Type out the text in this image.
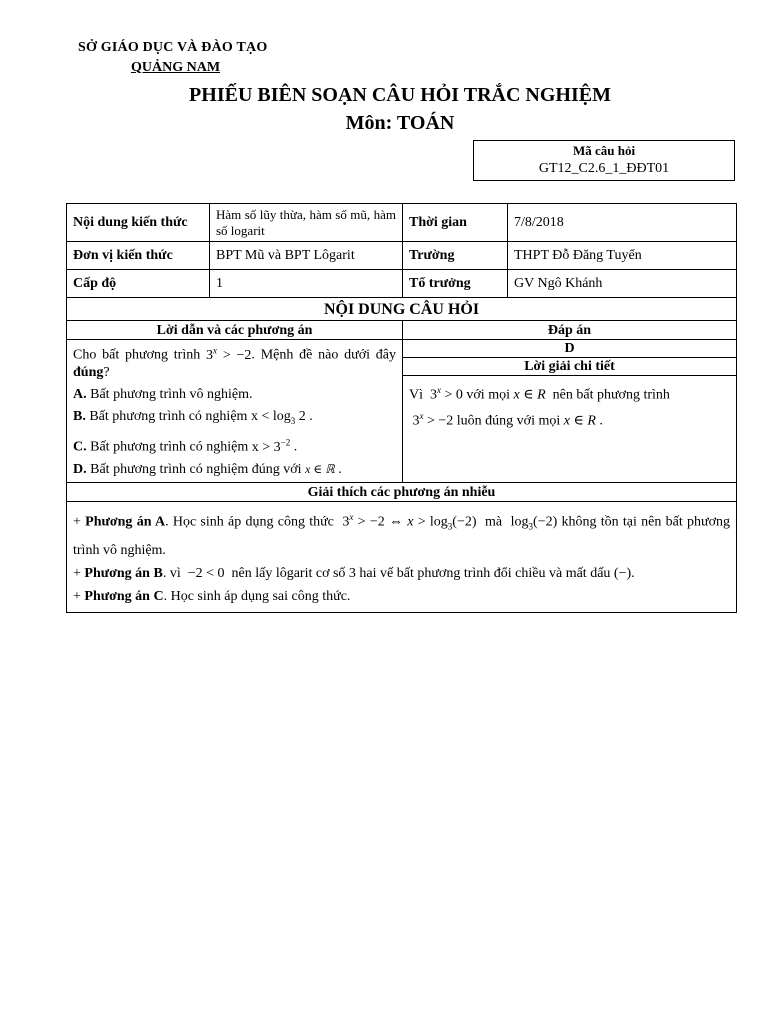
SỞ GIÁO DỤC VÀ ĐÀO TẠO
QUẢNG NAM
PHIẾU BIÊN SOẠN CÂU HỎI TRẮC NGHIỆM
Môn: TOÁN
Mã câu hỏi
GT12_C2.6_1_ĐĐT01
Nội dung kiến thức	Hàm số lũy thừa, hàm số mũ, hàm số logarit	Thời gian	7/8/2018
Đơn vị kiến thức	BPT Mũ và BPT Lôgarit	Trường	THPT Đỗ Đăng Tuyển
Cấp độ	1	Tổ trưởng	GV Ngô Khánh
NỘI DUNG CÂU HỎI			
Lời dẫn và các phương án		Đáp án	

Cho bất phương trình $3^x > -2$. Mệnh đề nào dưới đây đúng?

A. Bất phương trình vô nghiệm.

B. Bất phương trình có nghiệm $x < \log_3 2$ .

C. Bất phương trình có nghiệm $x > 3^{-2}$ .

D. Bất phương trình có nghiệm đúng với x ∈ ℝ .		D	
		Lời giải chi tiết	

		Vì  $3^x > 0$ với mọi x ∈ R nên bất phương trình
$3^x > -2$ luôn đúng với mọi x ∈ R .	

Giải thích các phương án nhiễu			

+ Phương án A. Học sinh áp dụng công thức  $3^x > -2$ ⇔ $x > \log_3(-2)$  mà  $\log_3(-2)$ không tồn tại nên bất phương trình vô nghiệm.
+ Phương án B. vì  −2 < 0  nên lấy lôgarit cơ số 3 hai vế bất phương trình đổi chiều và mất dấu (−).
+ Phương án C. Học sinh áp dụng sai công thức.			
